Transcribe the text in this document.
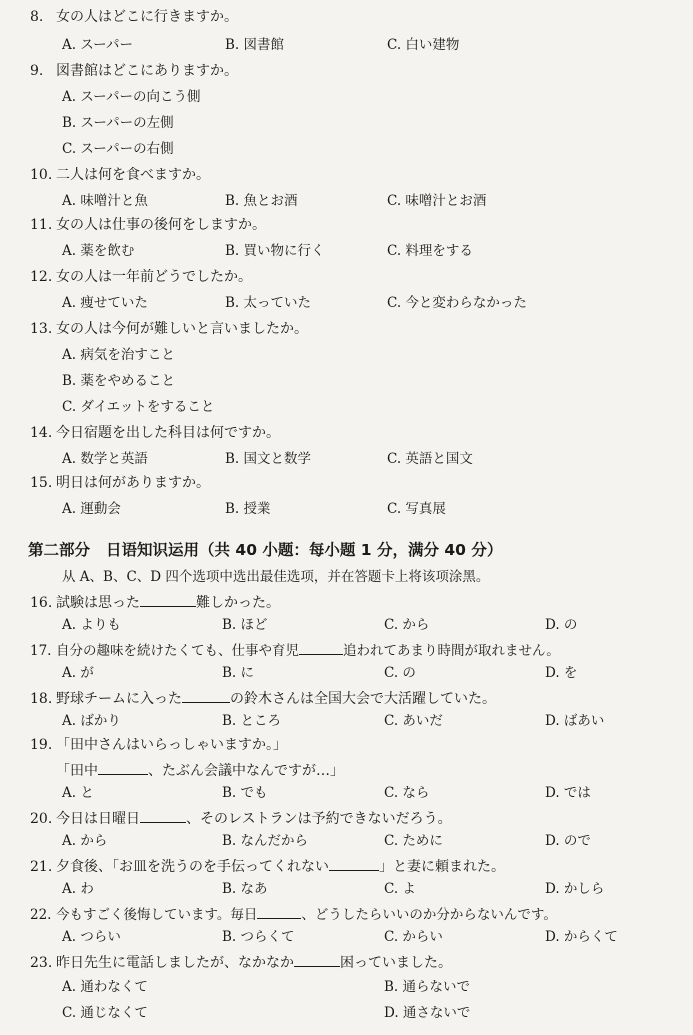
8. 女の人はどこに行きますか。
A. スーパー	B. 図書館	C. 白い建物
9. 図書館はどこにありますか。
A. スーパーの向こう側
B. スーパーの左側
C. スーパーの右側
10. 二人は何を食べますか。
A. 味噌汁と魚	B. 魚とお酒	C. 味噌汁とお酒
11. 女の人は仕事の後何をしますか。
A. 薬を飲む	B. 買い物に行く	C. 料理をする
12. 女の人は一年前どうでしたか。
A. 痩せていた	B. 太っていた	C. 今と変わらなかった
13. 女の人は今何が難しいと言いましたか。
A. 病気を治すこと
B. 薬をやめること
C. ダイエットをすること
14. 今日宿題を出した科目は何ですか。
A. 数学と英語	B. 国文と数学	C. 英語と国文
15. 明日は何がありますか。
A. 運動会	B. 授業	C. 写真展
第二部分 日语知识运用（共 40 小题：每小题 1 分，满分 40 分）
从 A、B、C、D 四个选项中选出最佳选项，并在答题卡上将该项涂黑。
16. 試験は思った	難しかった。
A. よりも	B. ほど	C. から	D. の
17. 自分の趣味を続けたくても、仕事や育児	追われてあまり時間が取れません。
A. が	B. に	C. の	D. を
18. 野球チームに入った	の鈴木さんは全国大会で大活躍していた。
A. ばかり	B. ところ	C. あいだ	D. ばあい
19. 「田中さんはいらっしゃいますか。」
「田中	、たぶん会議中なんですが…」
A. と	B. でも	C. なら	D. では
20. 今日は日曜日	、そのレストランは予約できないだろう。
A. から	B. なんだから	C. ために	D. ので
21. 夕食後、「お皿を洗うのを手伝ってくれない	」と妻に頼まれた。
A. わ	B. なあ	C. よ	D. かしら
22. 今もすごく後悔しています。毎日	、どうしたらいいのか分からないんです。
A. つらい	B. つらくて	C. からい	D. からくて
23. 昨日先生に電話しましたが、なかなか	困っていました。
A. 通わなくて	B. 通らないで
C. 通じなくて	D. 通さないで
